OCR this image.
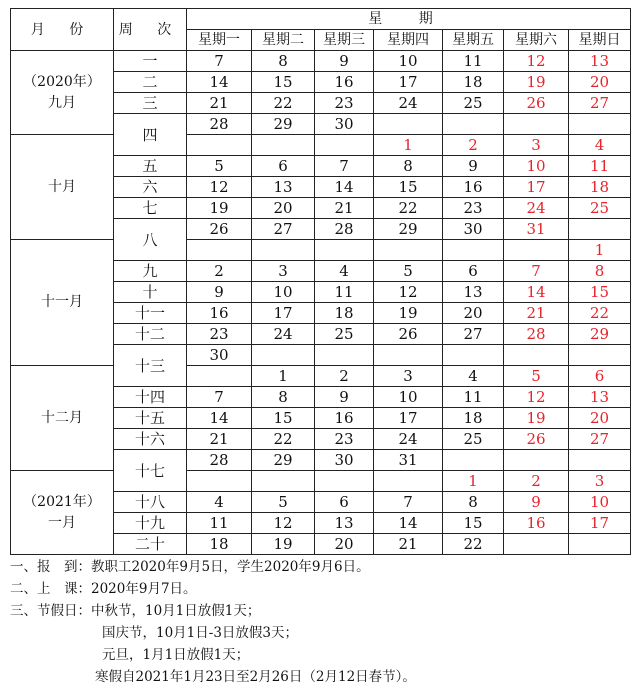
月 份	周 次	星 期						
		星期一	星期二	星期三	星期四	星期五	星期六	星期日
（2020年）
九月	一	7	8	9	10	11	12	13
	二	14	15	16	17	18	19	20
	三	21	22	23	24	25	26	27
	四	28	29	30				
十月					1	2	3	4
	五	5	6	7	8	9	10	11
	六	12	13	14	15	16	17	18
	七	19	20	21	22	23	24	25
	八	26	27	28	29	30	31	
十一月								1
	九	2	3	4	5	6	7	8
	十	9	10	11	12	13	14	15
	十一	16	17	18	19	20	21	22
	十二	23	24	25	26	27	28	29
	十三	30						
十二月			1	2	3	4	5	6
	十四	7	8	9	10	11	12	13
	十五	14	15	16	17	18	19	20
	十六	21	22	23	24	25	26	27
	十七	28	29	30	31			
（2021年）
一月						1	2	3
	十八	4	5	6	7	8	9	10
	十九	11	12	13	14	15	16	17
	二十	18	19	20	21	22		
一、报　到：教职工2020年9月5日，学生2020年9月6日。
二、上　课：2020年9月7日。
三、节假日：中秋节，10月1日放假1天；
国庆节，10月1日-3日放假3天；
元旦，1月1日放假1天；
寒假自2021年1月23日至2月26日（2月12日春节）。
